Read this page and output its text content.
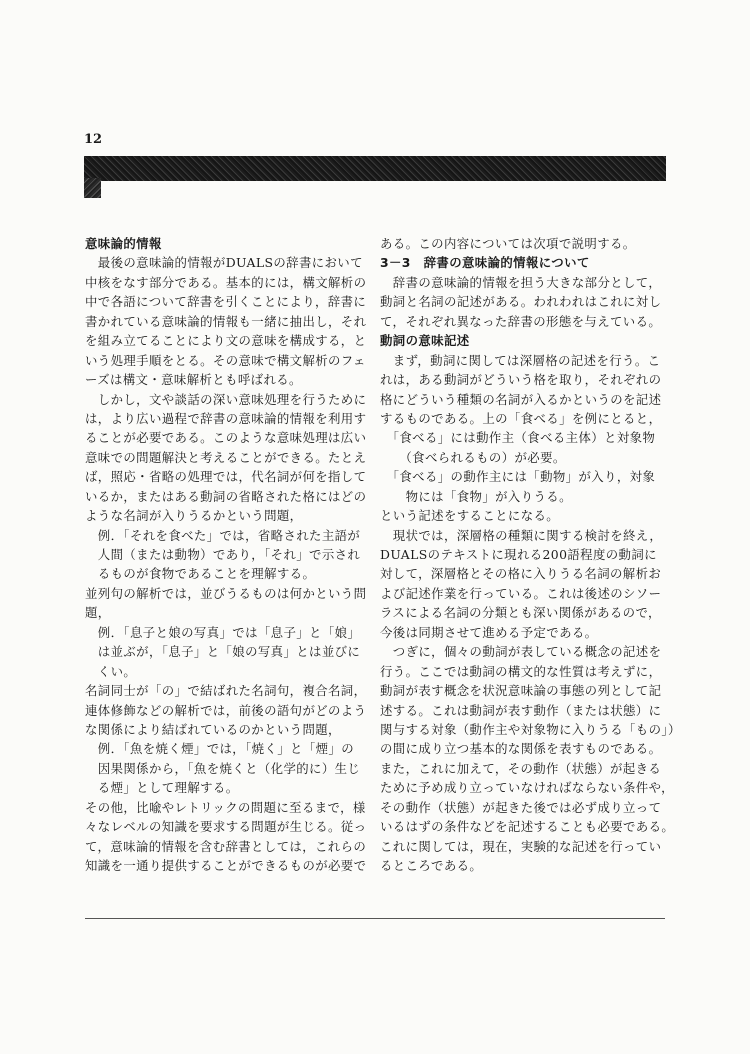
12
意味論的情報
　最後の意味論的情報がDUALSの辞書において
中核をなす部分である。基本的には，構文解析の
中で各語について辞書を引くことにより，辞書に
書かれている意味論的情報も一緒に抽出し，それ
を組み立てることにより文の意味を構成する，と
いう処理手順をとる。その意味で構文解析のフェ
ーズは構文・意味解析とも呼ばれる。
　しかし，文や談話の深い意味処理を行うために
は，より広い過程で辞書の意味論的情報を利用す
ることが必要である。このような意味処理は広い
意味での問題解決と考えることができる。たとえ
ば，照応・省略の処理では，代名詞が何を指して
いるか，またはある動詞の省略された格にはどの
ような名詞が入りうるかという問題，
　例．「それを食べた」では，省略された主語が
　人間（または動物）であり，「それ」で示され
　るものが食物であることを理解する。
並列句の解析では，並びうるものは何かという問
題，
　例．「息子と娘の写真」では「息子」と「娘」
　は並ぶが，「息子」と「娘の写真」とは並びに
　くい。
名詞同士が「の」で結ばれた名詞句，複合名詞，
連体修飾などの解析では，前後の語句がどのよう
な関係により結ばれているのかという問題，
　例．「魚を焼く煙」では，「焼く」と「煙」の
　因果関係から，「魚を焼くと（化学的に）生じ
　る煙」として理解する。
その他，比喩やレトリックの問題に至るまで，様
々なレベルの知識を要求する問題が生じる。従っ
て，意味論的情報を含む辞書としては，これらの
知識を一通り提供することができるものが必要で
ある。この内容については次項で説明する。
3－3　辞書の意味論的情報について
　辞書の意味論的情報を担う大きな部分として，
動詞と名詞の記述がある。われわれはこれに対し
て，それぞれ異なった辞書の形態を与えている。
動詞の意味記述
　まず，動詞に関しては深層格の記述を行う。こ
れは，ある動詞がどういう格を取り，それぞれの
格にどういう種類の名詞が入るかというのを記述
するものである。上の「食べる」を例にとると，
　「食べる」には動作主（食べる主体）と対象物
　　（食べられるもの）が必要。
　「食べる」の動作主には「動物」が入り，対象
　　物には「食物」が入りうる。
という記述をすることになる。
　現状では，深層格の種類に関する検討を終え，
DUALSのテキストに現れる200語程度の動詞に
対して，深層格とその格に入りうる名詞の解析お
よび記述作業を行っている。これは後述のシソー
ラスによる名詞の分類とも深い関係があるので，
今後は同期させて進める予定である。
　つぎに，個々の動詞が表している概念の記述を
行う。ここでは動詞の構文的な性質は考えずに，
動詞が表す概念を状況意味論の事態の列として記
述する。これは動詞が表す動作（または状態）に
関与する対象（動作主や対象物に入りうる「もの」）
の間に成り立つ基本的な関係を表すものである。
また，これに加えて，その動作（状態）が起きる
ために予め成り立っていなければならない条件や，
その動作（状態）が起きた後では必ず成り立って
いるはずの条件などを記述することも必要である。
これに関しては，現在，実験的な記述を行ってい
るところである。
